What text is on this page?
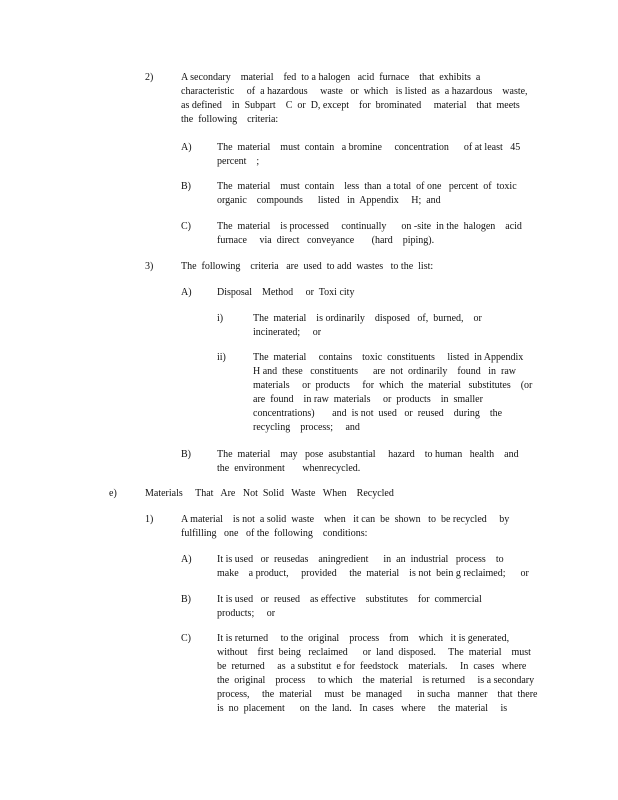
2)	A secondary    material    fed  to a halogen   acid  furnace    that  exhibits  a
characteristic     of  a hazardous     waste   or  which   is listed  as  a hazardous    waste,
as defined    in  Subpart    C  or  D, except    for  brominated     material    that  meets
the  following    criteria:
A)	The  material    must  contain   a bromine     concentration      of at least   45
percent    ;
B)	The  material    must  contain    less  than  a total  of one   percent  of  toxic
organic    compounds      listed   in  Appendix     H;  and
C)	The  material    is processed     continually      on -site  in the  halogen    acid
furnace     via  direct   conveyance       (hard    piping).
3)	The  following    criteria   are  used  to add  wastes   to the  list:
A)	Disposal    Method     or  Toxi city
i)	The  material    is ordinarily    disposed   of,  burned,    or
incinerated;     or
ii)	The  material     contains    toxic  constituents     listed  in Appendix
H and  these   constituents      are  not  ordinarily    found   in  raw
materials     or  products     for  which   the  material   substitutes    (or
are  found    in raw  materials     or  products    in  smaller
concentrations)       and  is not  used   or  reused    during    the
recycling    process;     and
B)	The  material    may   pose  asubstantial     hazard    to human   health    and
the  environment       whenrecycled.
e)	Materials     That   Are   Not  Solid   Waste   When    Recycled
1)	A material    is not  a solid  waste    when   it can  be  shown   to  be recycled     by
fulfilling   one   of the  following    conditions:
A)	It is used   or  reusedas    aningredient      in  an  industrial   process    to
make    a product,     provided     the  material    is not  bein g reclaimed;      or
B)	It is used   or  reused    as effective    substitutes    for  commercial
products;     or
C)	It is returned     to the  original    process    from    which   it is generated,
without    first  being   reclaimed      or  land  disposed.     The  material    must
be  returned     as  a substitut  e for  feedstock    materials.     In  cases   where
the  original    process     to which    the  material    is returned     is a secondary
process,     the  material     must   be  managed      in sucha   manner    that  there
is  no  placement      on  the  land.   In  cases   where     the  material     is
